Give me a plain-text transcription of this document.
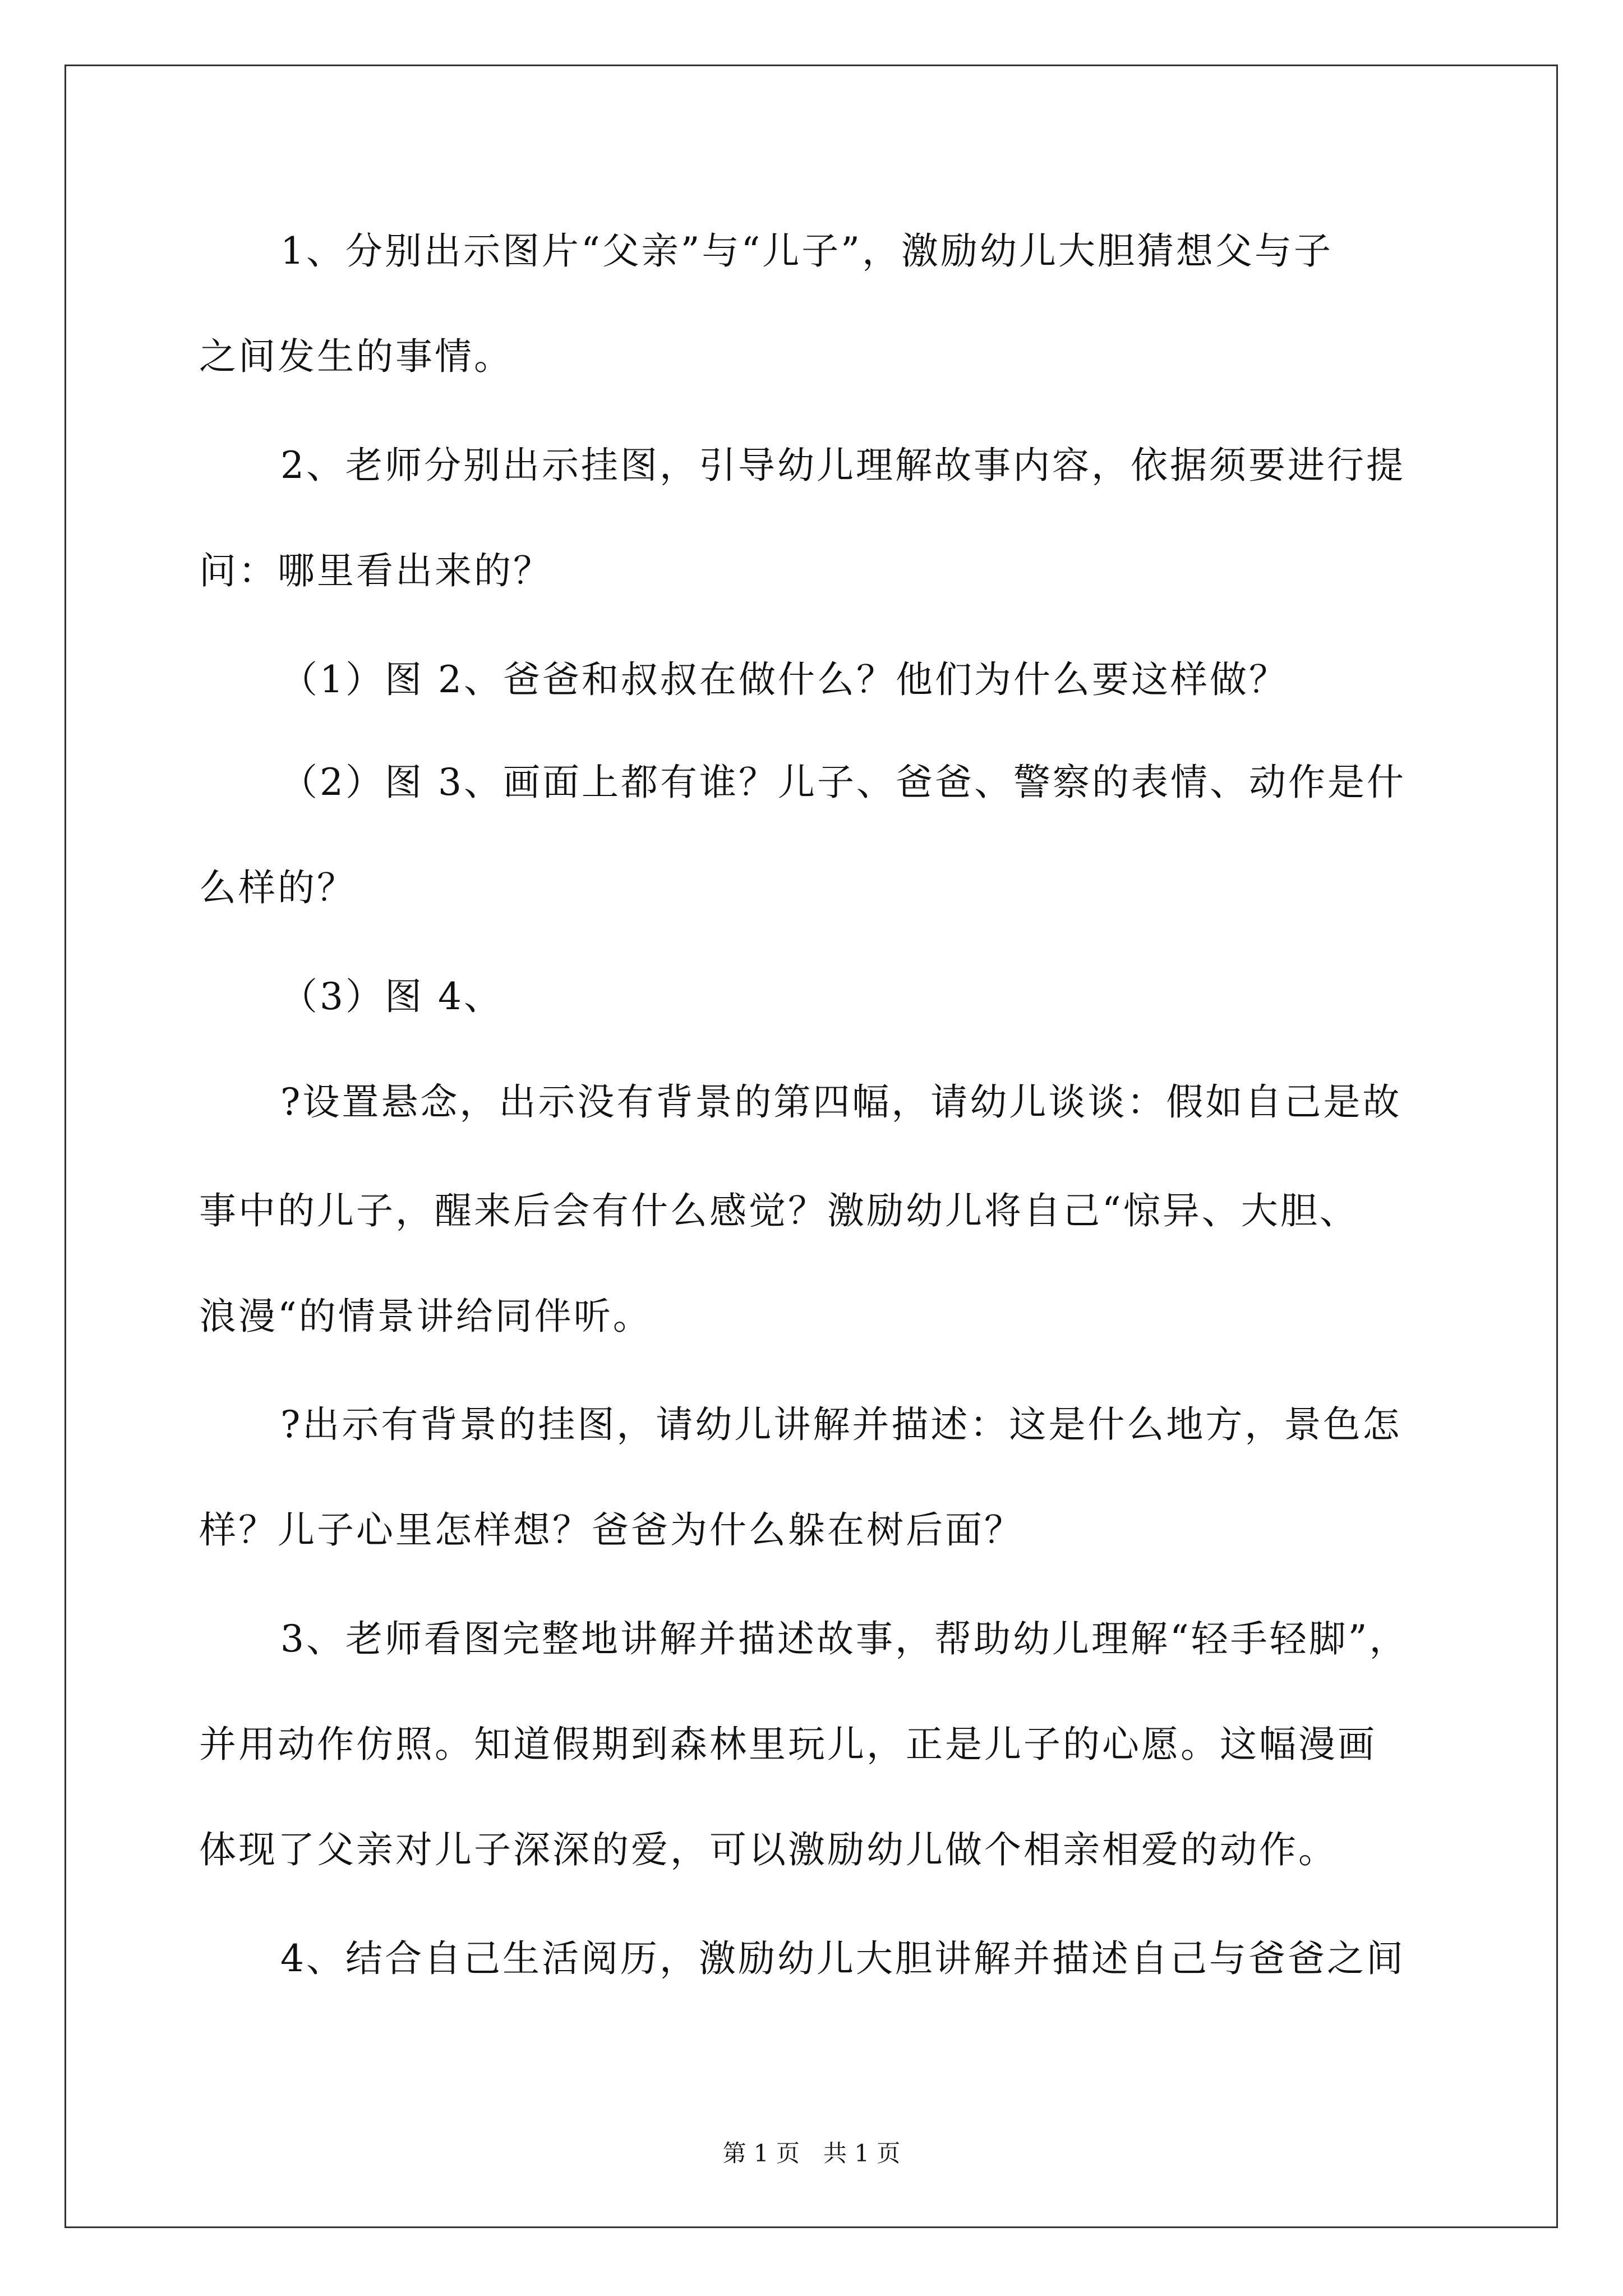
1、分别出示图片“父亲”与“儿子”，激励幼儿大胆猜想父与子
之间发生的事情。
2、老师分别出示挂图，引导幼儿理解故事内容，依据须要进行提
问：哪里看出来的？
（1）图 2、爸爸和叔叔在做什么？他们为什么要这样做？
（2）图 3、画面上都有谁？儿子、爸爸、警察的表情、动作是什
么样的？
（3）图 4、
?设置悬念，出示没有背景的第四幅，请幼儿谈谈：假如自己是故
事中的儿子，醒来后会有什么感觉？激励幼儿将自己“惊异、大胆、
浪漫“的情景讲给同伴听。
?出示有背景的挂图，请幼儿讲解并描述：这是什么地方，景色怎
样？儿子心里怎样想？爸爸为什么躲在树后面？
3、老师看图完整地讲解并描述故事，帮助幼儿理解“轻手轻脚”，
并用动作仿照。知道假期到森林里玩儿，正是儿子的心愿。这幅漫画
体现了父亲对儿子深深的爱，可以激励幼儿做个相亲相爱的动作。
4、结合自己生活阅历，激励幼儿大胆讲解并描述自己与爸爸之间
第 1 页　共 1 页
